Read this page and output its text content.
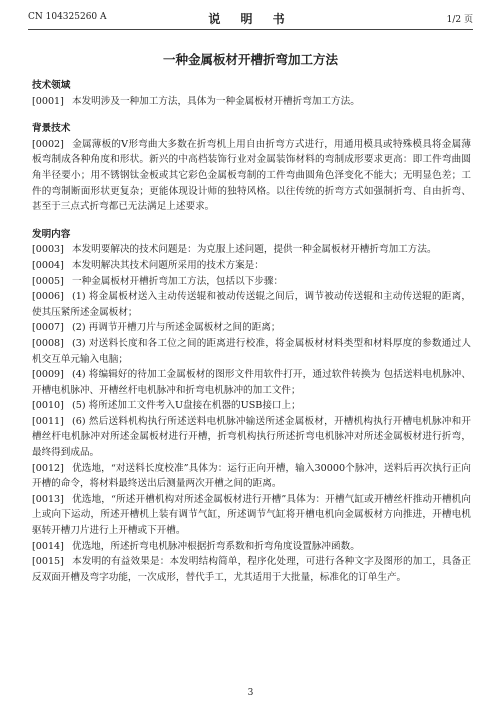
CN 104325260 A	说 明 书	1/2 页
一种金属板材开槽折弯加工方法
技术领域
[0001] 本发明涉及一种加工方法，具体为一种金属板材开槽折弯加工方法。
背景技术
[0002] 金属薄板的V形弯曲大多数在折弯机上用自由折弯方式进行，用通用模具或特殊模具将金属薄板弯制成各种角度和形状。新兴的中高档装饰行业对金属装饰材料的弯制成形要求更高：即工件弯曲圆角半径要小；用不锈钢钛金板或其它彩色金属板弯制的工件弯曲圆角色泽变化不能大；无明显色差；工件的弯制断面形状更复杂；更能体现设计师的独特风格。以往传统的折弯方式如强制折弯、自由折弯、甚至于三点式折弯都已无法满足上述要求。
发明内容
[0003] 本发明要解决的技术问题是：为克服上述问题，提供一种金属板材开槽折弯加工方法。
[0004] 本发明解决其技术问题所采用的技术方案是：
[0005] 一种金属板材开槽折弯加工方法，包括以下步骤：
[0006] (1) 将金属板材送入主动传送辊和被动传送辊之间后，调节被动传送辊和主动传送辊的距离，使其压紧所述金属板材；
[0007] (2) 再调节开槽刀片与所述金属板材之间的距离；
[0008] (3) 对送料长度和各工位之间的距离进行校准，将金属板材材料类型和材料厚度的参数通过人机交互单元输入电脑；
[0009] (4) 将编辑好的待加工金属板材的图形文件用软件打开，通过软件转换为 包括送料电机脉冲、开槽电机脉冲、开槽丝杆电机脉冲和折弯电机脉冲的加工文件；
[0010] (5) 将所述加工文件考入U盘接在机器的USB接口上；
[0011] (6) 然后送料机构执行所述送料电机脉冲输送所述金属板材，开槽机构执行开槽电机脉冲和开槽丝杆电机脉冲对所述金属板材进行开槽，折弯机构执行所述折弯电机脉冲对所述金属板材进行折弯，最终得到成品。
[0012] 优选地，“对送料长度校准”具体为：运行正向开槽，输入30000个脉冲，送料后再次执行正向开槽的命令，将材料最终送出后测量两次开槽之间的距离。
[0013] 优选地，“所述开槽机构对所述金属板材进行开槽”具体为：开槽气缸或开槽丝杆推动开槽机向上或向下运动，所述开槽机上装有调节气缸，所述调节气缸将开槽电机向金属板材方向推进，开槽电机驱转开槽刀片进行上开槽或下开槽。
[0014] 优选地，所述折弯电机脉冲根据折弯系数和折弯角度设置脉冲函数。
[0015] 本发明的有益效果是：本发明结构简单，程序化处理，可进行各种文字及图形的加工，具备正反双面开槽及弯字功能，一次成形，替代手工，尤其适用于大批量，标准化的订单生产。
3
